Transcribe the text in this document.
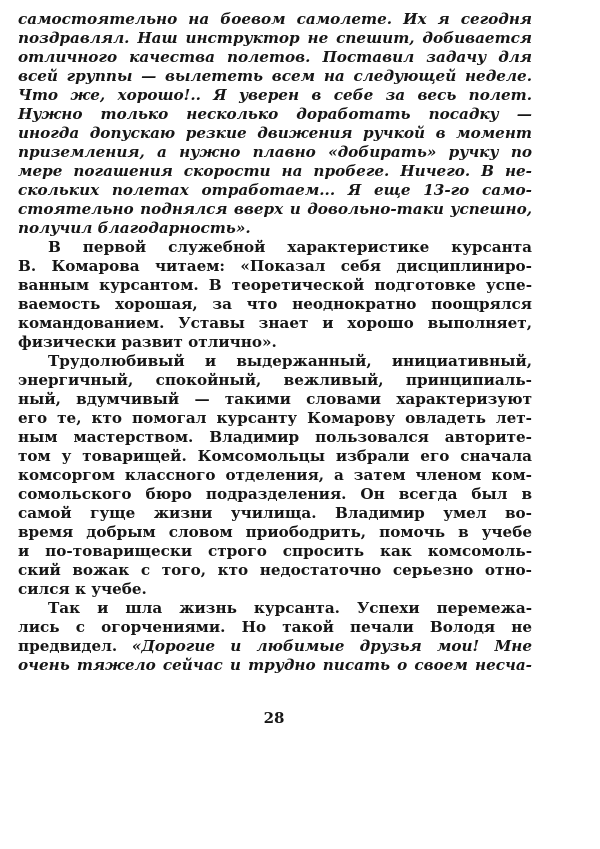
самостоятельно на боевом самолете. Их я сегодня
поздравлял. Наш инструктор не спешит, добивается
отличного качества полетов. Поставил задачу для
всей группы — вылететь всем на следующей неделе.
Что же, хорошо!.. Я уверен в себе за весь полет.
Нужно только несколько доработать посадку —
иногда допускаю резкие движения ручкой в момент
приземления, а нужно плавно «добирать» ручку по
мере погашения скорости на пробеге. Ничего. В не-
скольких полетах отработаем... Я еще 13-го само-
стоятельно поднялся вверх и довольно-таки успешно,
получил благодарность».
В первой служебной характеристике курсанта
В. Комарова читаем: «Показал себя дисциплиниро-
ванным курсантом. В теоретической подготовке успе-
ваемость хорошая, за что неоднократно поощрялся
командованием. Уставы знает и хорошо выполняет,
физически развит отлично».
Трудолюбивый и выдержанный, инициативный,
энергичный, спокойный, вежливый, принципиаль-
ный, вдумчивый — такими словами характеризуют
его те, кто помогал курсанту Комарову овладеть лет-
ным мастерством. Владимир пользовался авторите-
том у товарищей. Комсомольцы избрали его сначала
комсоргом классного отделения, а затем членом ком-
сомольского бюро подразделения. Он всегда был в
самой гуще жизни училища. Владимир умел во-
время добрым словом приободрить, помочь в учебе
и по-товарищески строго спросить как комсомоль-
ский вожак с того, кто недостаточно серьезно отно-
сился к учебе.
Так и шла жизнь курсанта. Успехи перемежа-
лись с огорчениями. Но такой печали Володя не
предвидел. «Дорогие и любимые друзья мои! Мне
очень тяжело сейчас и трудно писать о своем несча-
28
